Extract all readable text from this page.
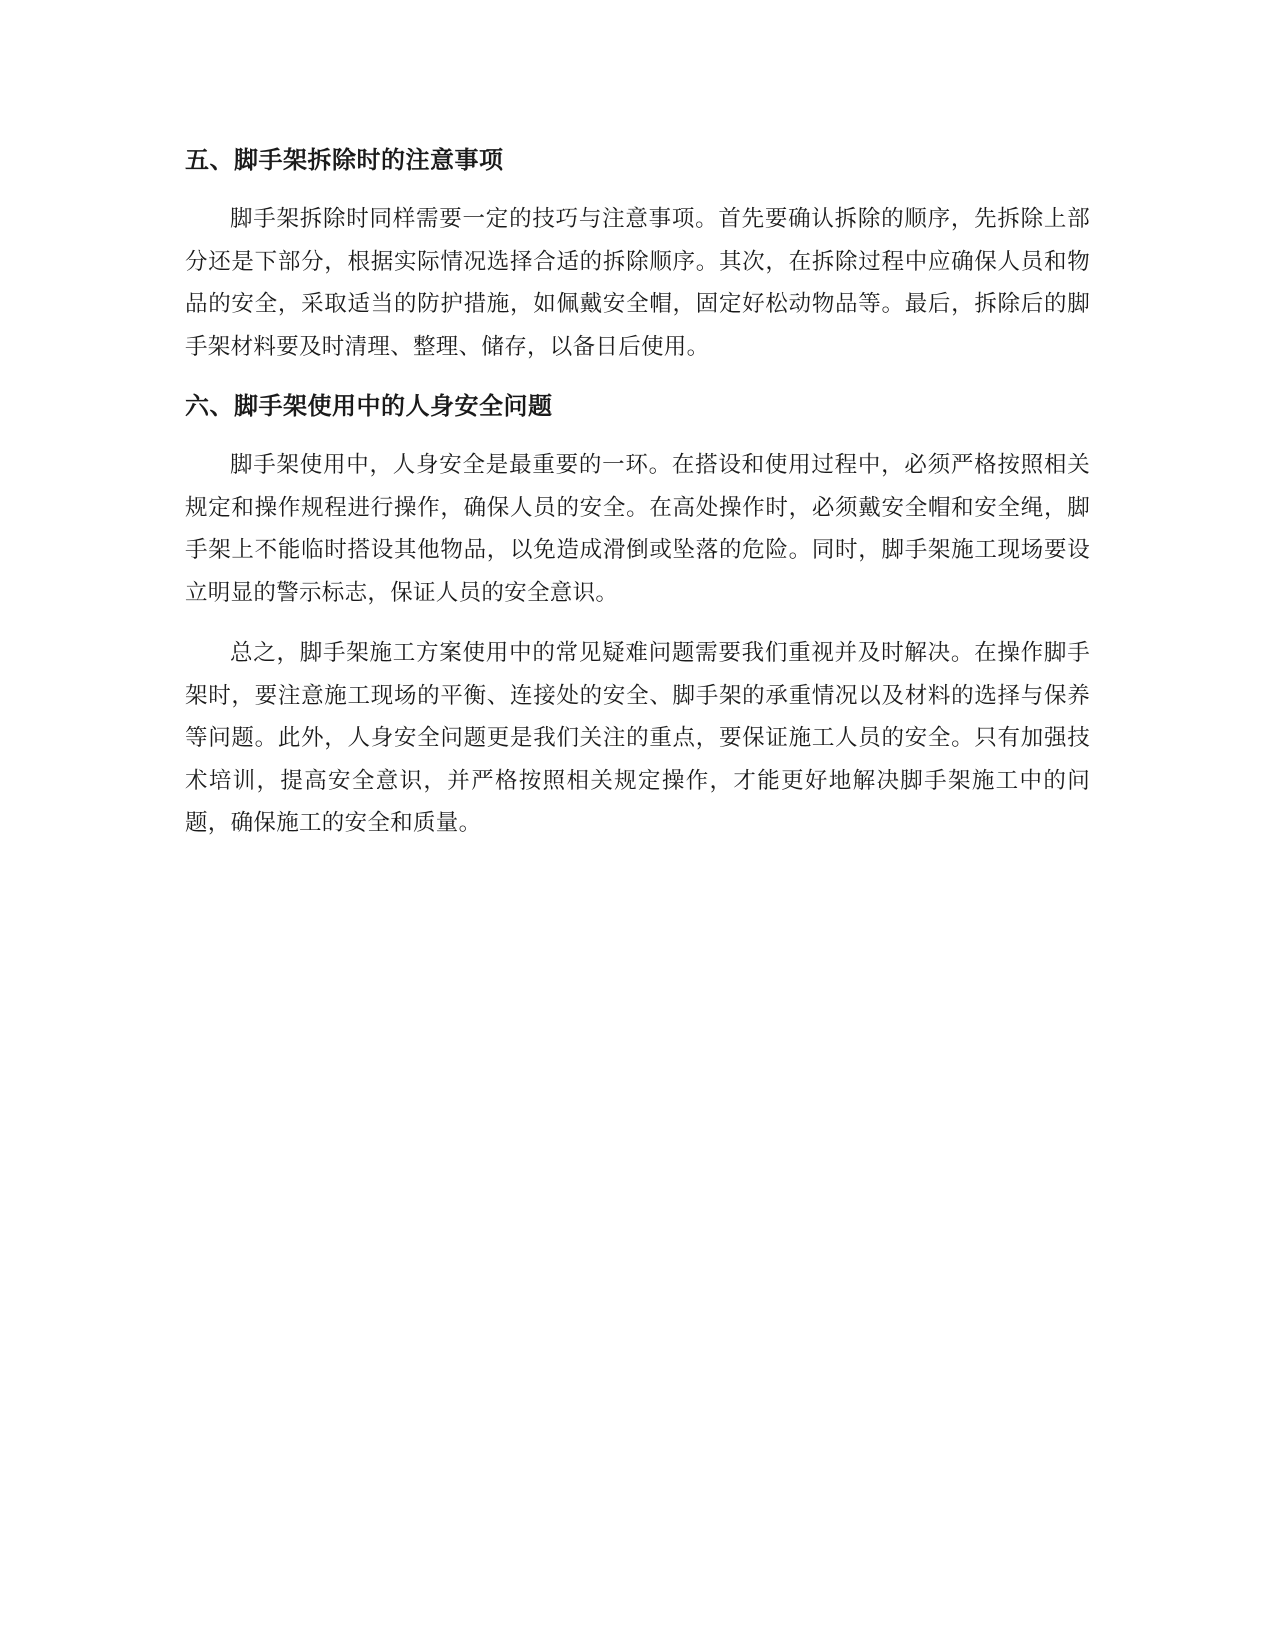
五、脚手架拆除时的注意事项

脚手架拆除时同样需要一定的技巧与注意事项。首先要确认拆除的顺序，先拆除上部分还是下部分，根据实际情况选择合适的拆除顺序。其次，在拆除过程中应确保人员和物品的安全，采取适当的防护措施，如佩戴安全帽，固定好松动物品等。最后，拆除后的脚手架材料要及时清理、整理、储存，以备日后使用。

六、脚手架使用中的人身安全问题

脚手架使用中，人身安全是最重要的一环。在搭设和使用过程中，必须严格按照相关规定和操作规程进行操作，确保人员的安全。在高处操作时，必须戴安全帽和安全绳，脚手架上不能临时搭设其他物品，以免造成滑倒或坠落的危险。同时，脚手架施工现场要设立明显的警示标志，保证人员的安全意识。

总之，脚手架施工方案使用中的常见疑难问题需要我们重视并及时解决。在操作脚手架时，要注意施工现场的平衡、连接处的安全、脚手架的承重情况以及材料的选择与保养等问题。此外，人身安全问题更是我们关注的重点，要保证施工人员的安全。只有加强技术培训，提高安全意识，并严格按照相关规定操作，才能更好地解决脚手架施工中的问题，确保施工的安全和质量。
